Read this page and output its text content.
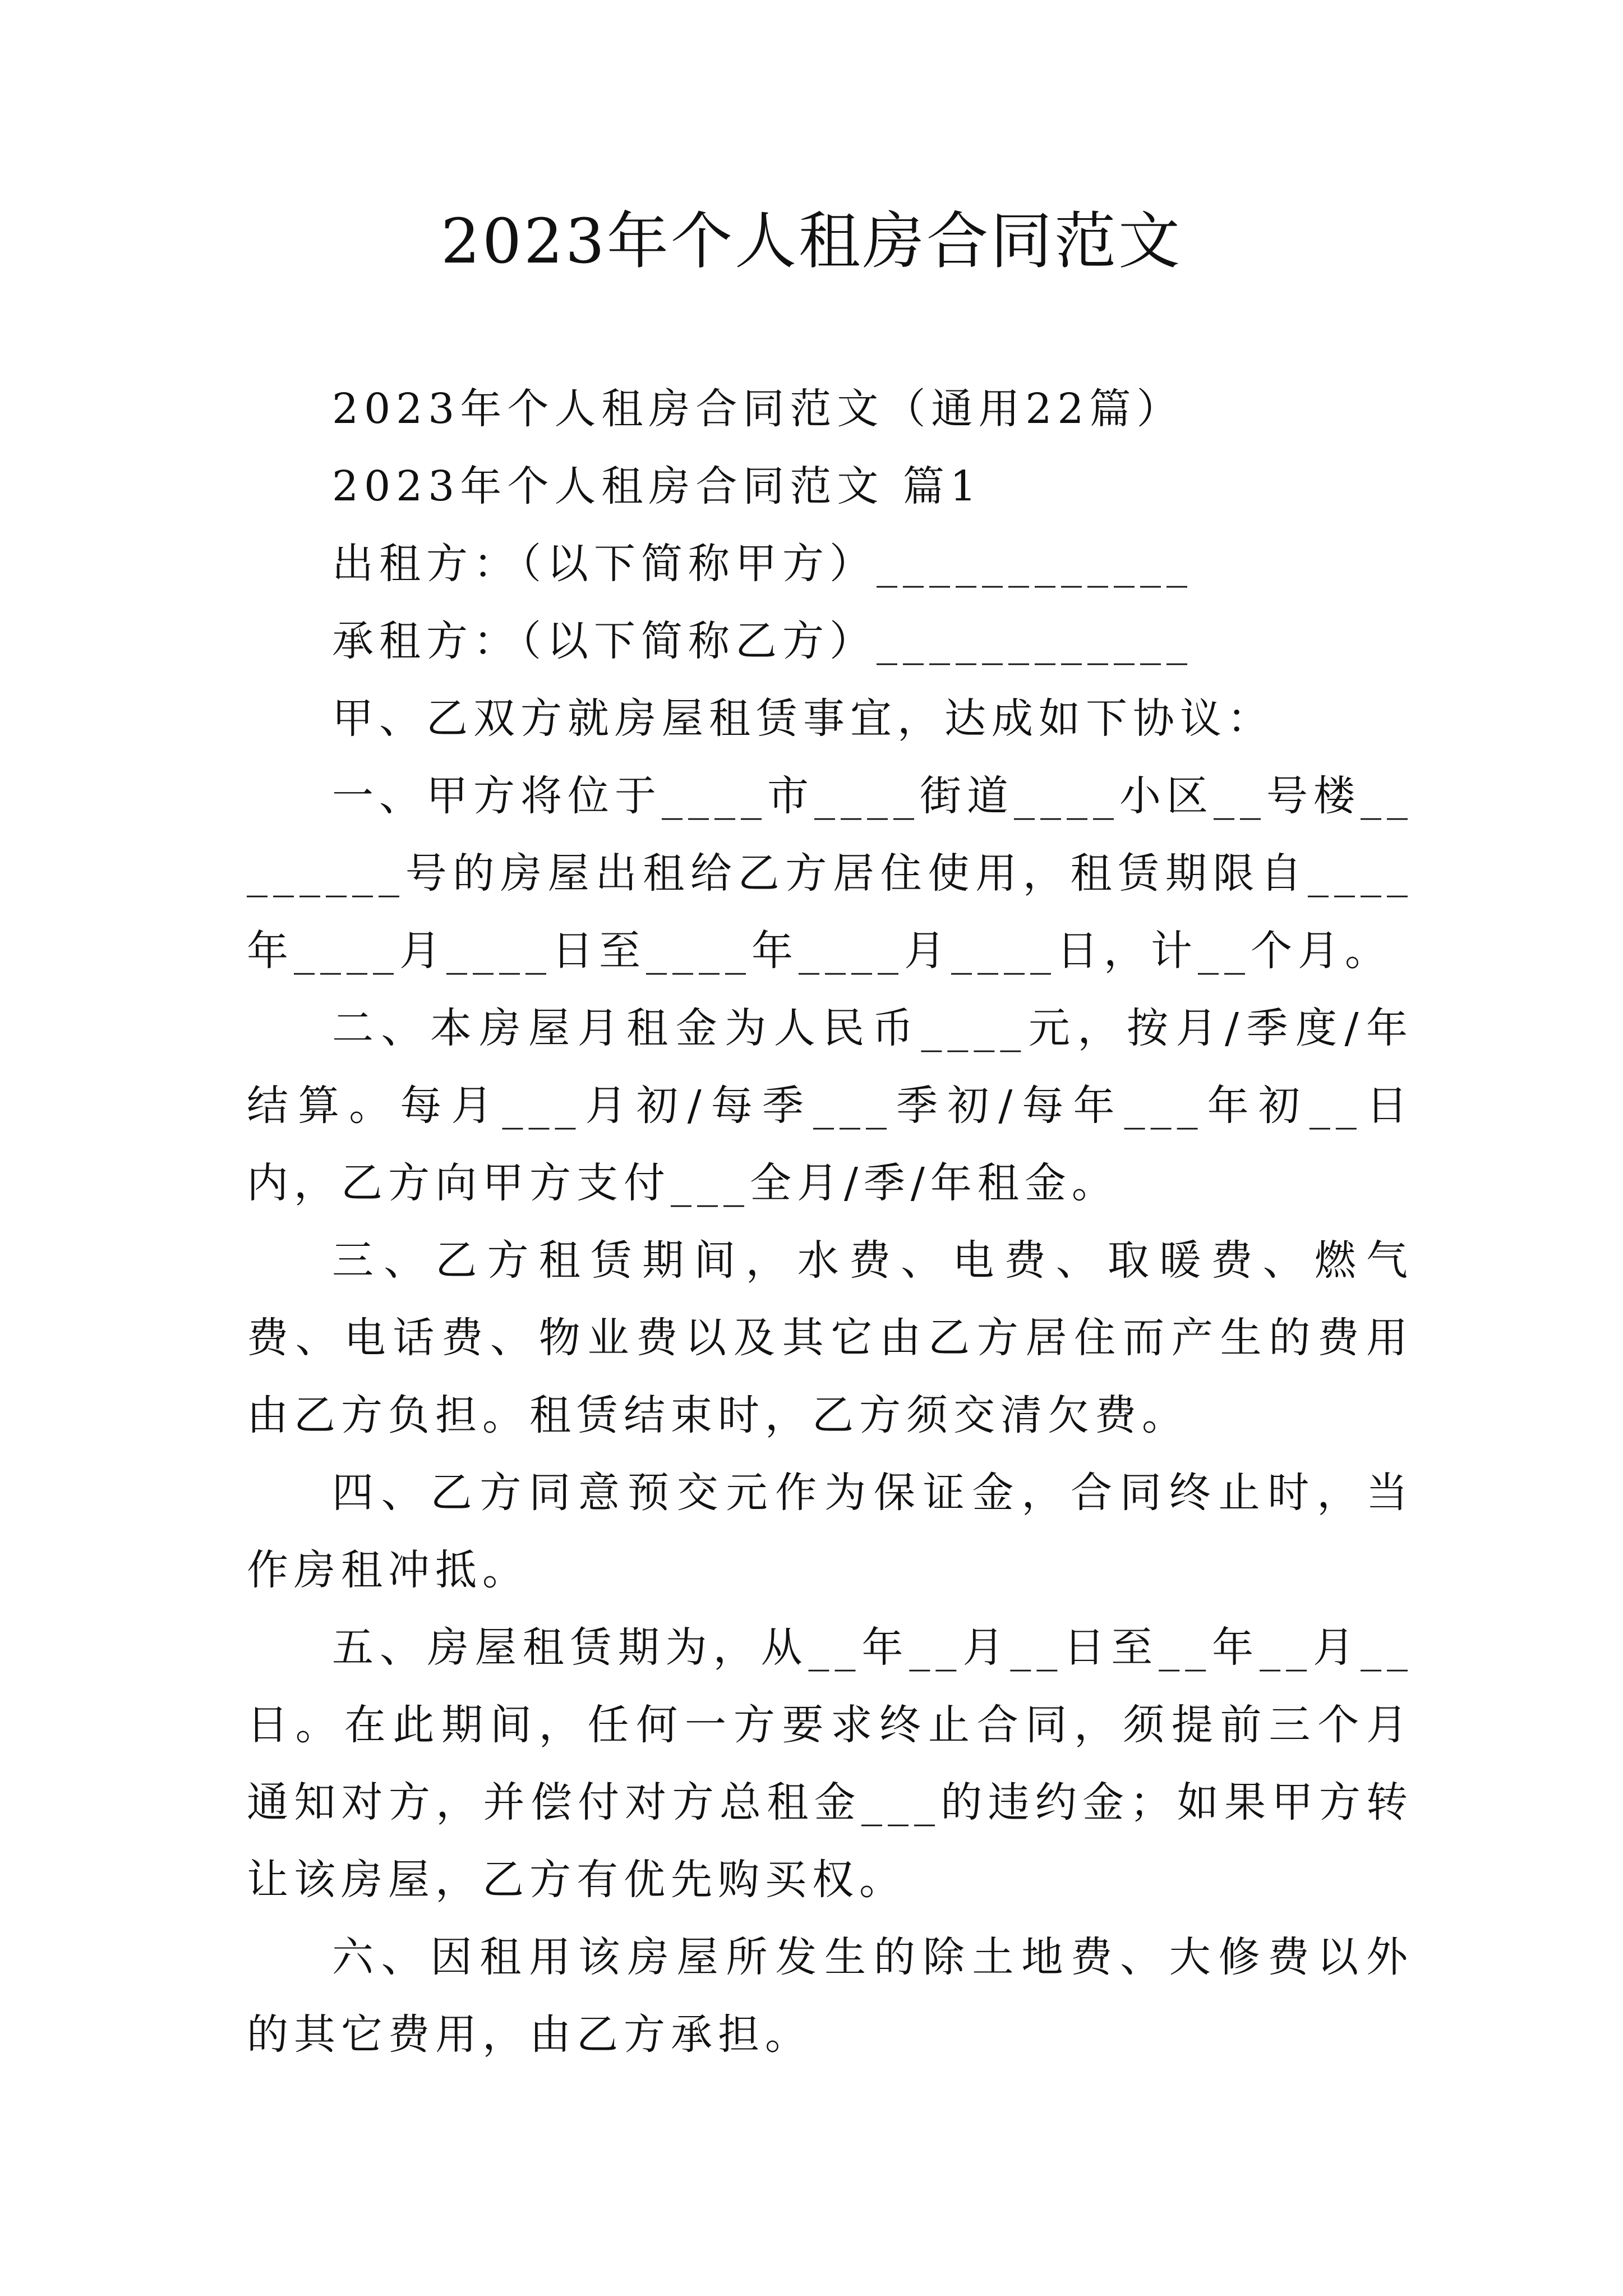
2023年个人租房合同范文

2023年个人租房合同范文（通用22篇）

2023年个人租房合同范文 篇1

出租方：（以下简称甲方）____________

承租方：（以下简称乙方）____________

甲、乙双方就房屋租赁事宜，达成如下协议：

一、甲方将位于____市____街道____小区__号楼________号的房屋出租给乙方居住使用，租赁期限自____年____月____日至____年____月____日，计__个月。

二、本房屋月租金为人民币____元，按月/季度/年结算。每月___月初/每季___季初/每年___年初__日内，乙方向甲方支付___全月/季/年租金。

三、乙方租赁期间，水费、电费、取暖费、燃气费、电话费、物业费以及其它由乙方居住而产生的费用由乙方负担。租赁结束时，乙方须交清欠费。

四、乙方同意预交元作为保证金，合同终止时，当作房租冲抵。

五、房屋租赁期为，从__年__月__日至__年__月__日。在此期间，任何一方要求终止合同，须提前三个月通知对方，并偿付对方总租金___的违约金；如果甲方转让该房屋，乙方有优先购买权。

六、因租用该房屋所发生的除土地费、大修费以外的其它费用，由乙方承担。
